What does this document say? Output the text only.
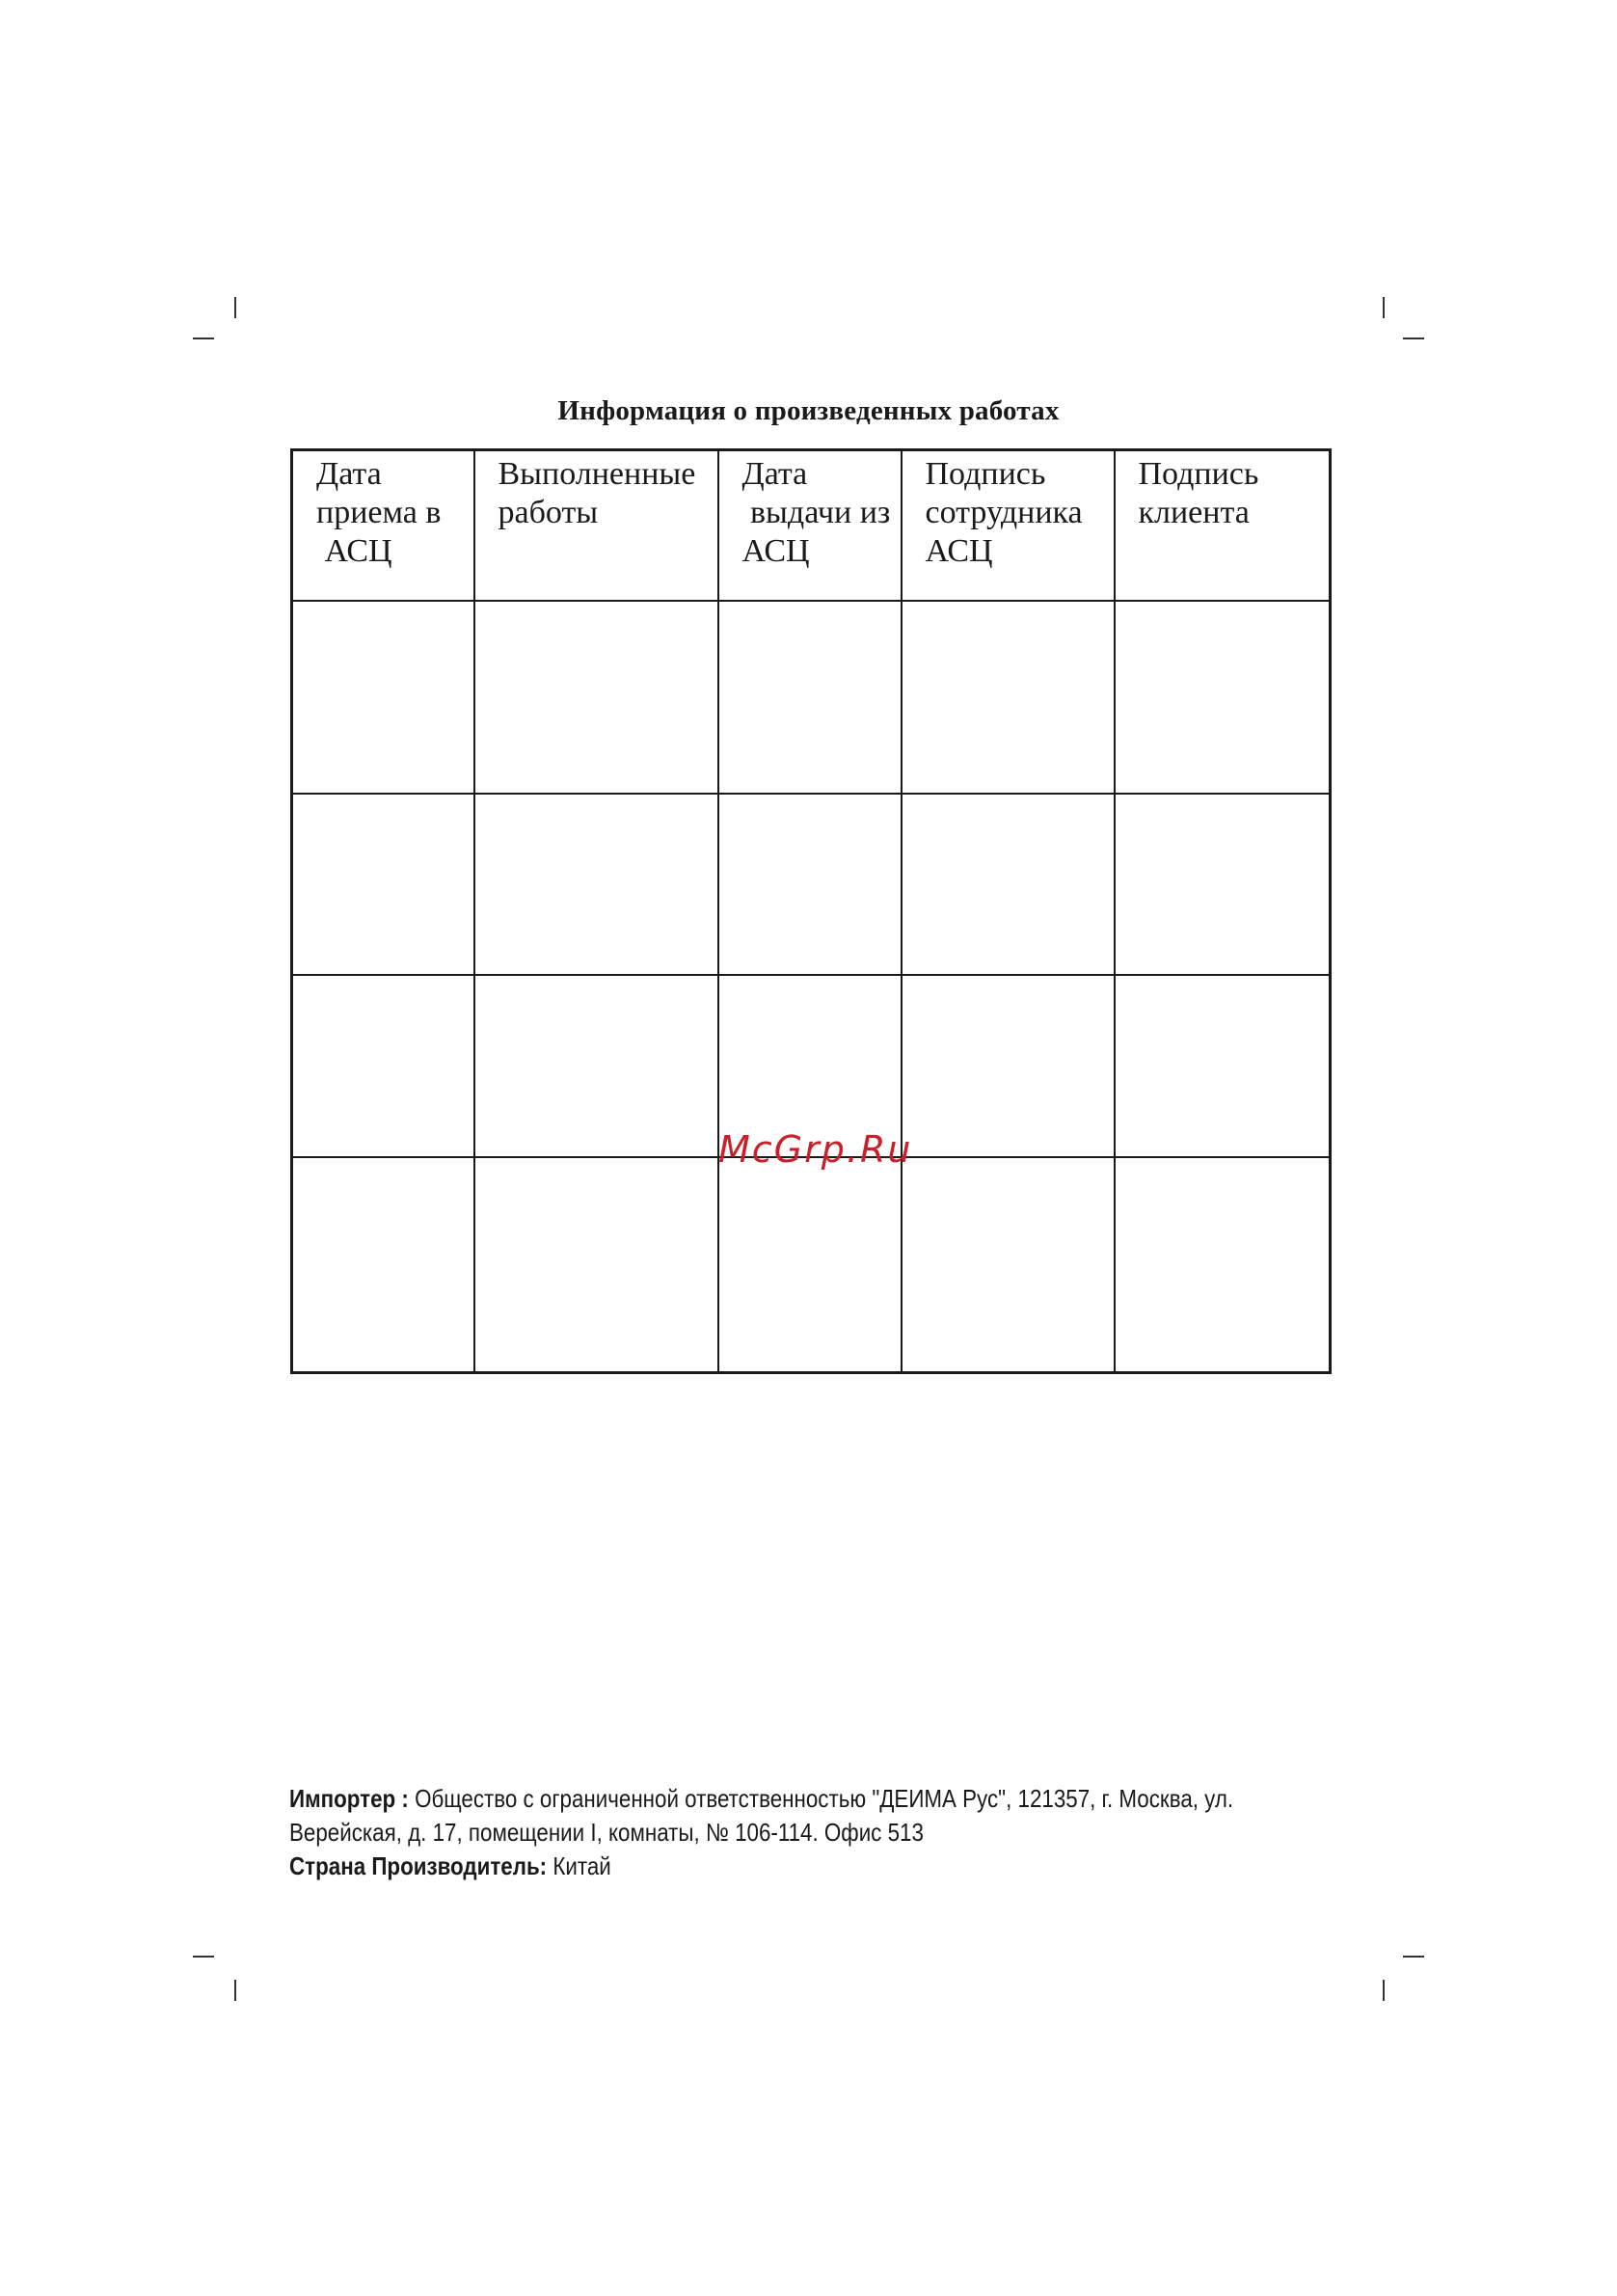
Информация о произведенных работах
Дата
приема в
АСЦ	Выполненные
работы	Дата
выдачи из
АСЦ	Подпись
сотрудника
АСЦ	Подпись
клиента

McGrp.Ru
Импортер : Общество с ограниченной ответственностью "ДЕИМА Рус", 121357, г. Москва, ул.
Верейская, д. 17, помещении I, комнаты, № 106-114. Офис 513
Страна Производитель: Китай
